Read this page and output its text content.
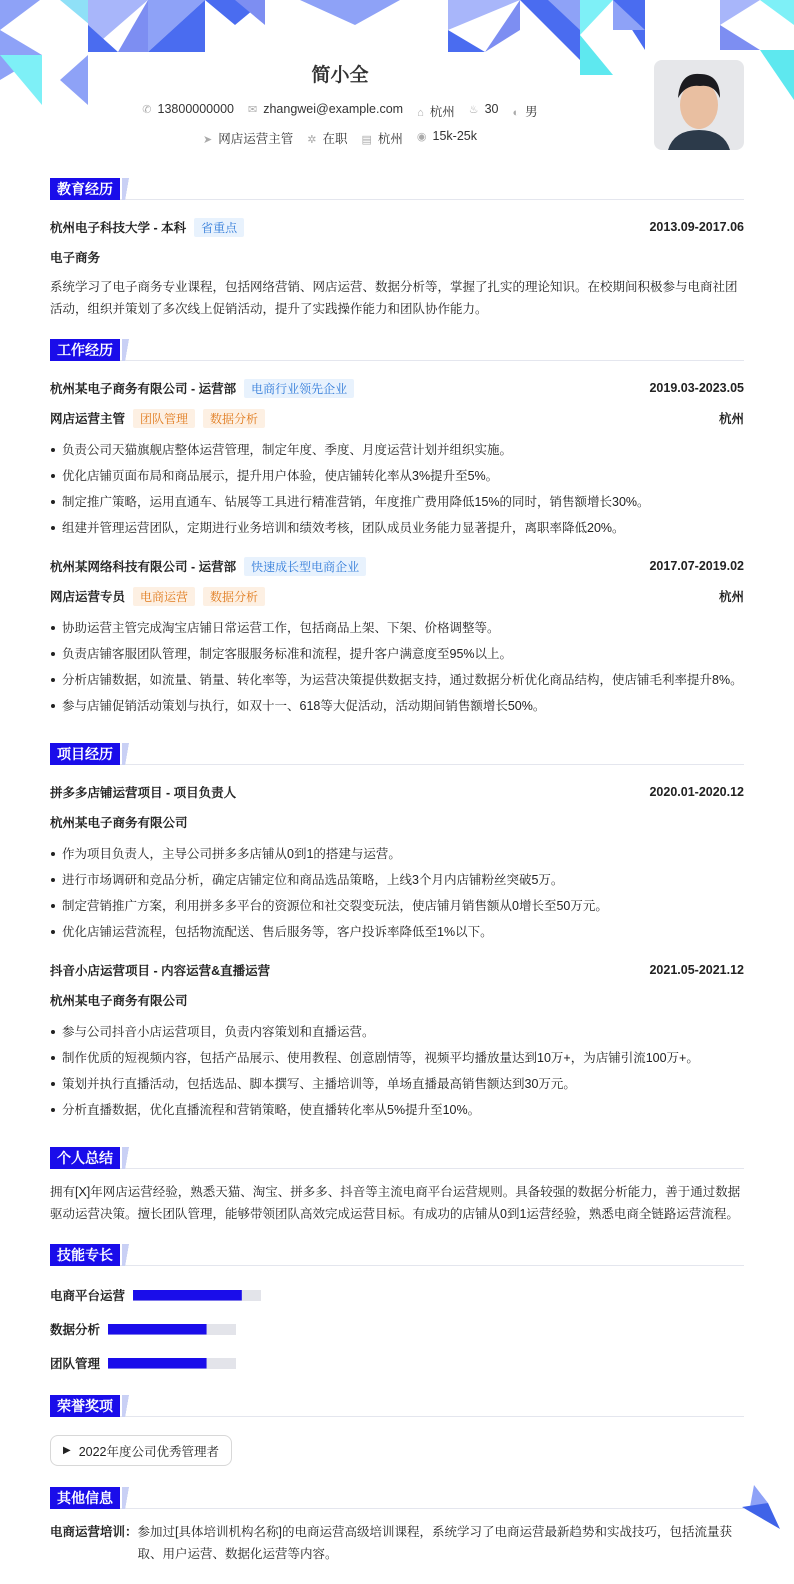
简小全
✆ 13800000000 ✉ zhangwei@example.com ⌂ 杭州 ♨ 30 ◐ 男
➤ 网店运营主管 ✲ 在职 ▤ 杭州 ◉ 15k-25k
教育经历
杭州电子科技大学 - 本科	省重点	2013.09-2017.06
电子商务
系统学习了电子商务专业课程，包括网络营销、网店运营、数据分析等，掌握了扎实的理论知识。在校期间积极参与电商社团活动，组织并策划了多次线上促销活动，提升了实践操作能力和团队协作能力。
工作经历
杭州某电子商务有限公司 - 运营部	电商行业领先企业	2019.03-2023.05
网店运营主管	团队管理	数据分析	杭州
负责公司天猫旗舰店整体运营管理，制定年度、季度、月度运营计划并组织实施。
优化店铺页面布局和商品展示，提升用户体验，使店铺转化率从3%提升至5%。
制定推广策略，运用直通车、钻展等工具进行精准营销，年度推广费用降低15%的同时，销售额增长30%。
组建并管理运营团队，定期进行业务培训和绩效考核，团队成员业务能力显著提升，离职率降低20%。
杭州某网络科技有限公司 - 运营部	快速成长型电商企业	2017.07-2019.02
网店运营专员	电商运营	数据分析	杭州
协助运营主管完成淘宝店铺日常运营工作，包括商品上架、下架、价格调整等。
负责店铺客服团队管理，制定客服服务标准和流程，提升客户满意度至95%以上。
分析店铺数据，如流量、销量、转化率等，为运营决策提供数据支持，通过数据分析优化商品结构，使店铺毛利率提升8%。
参与店铺促销活动策划与执行，如双十一、618等大促活动，活动期间销售额增长50%。
项目经历
拼多多店铺运营项目 - 项目负责人	2020.01-2020.12
杭州某电子商务有限公司
作为项目负责人，主导公司拼多多店铺从0到1的搭建与运营。
进行市场调研和竞品分析，确定店铺定位和商品选品策略，上线3个月内店铺粉丝突破5万。
制定营销推广方案，利用拼多多平台的资源位和社交裂变玩法，使店铺月销售额从0增长至50万元。
优化店铺运营流程，包括物流配送、售后服务等，客户投诉率降低至1%以下。
抖音小店运营项目 - 内容运营&直播运营	2021.05-2021.12
杭州某电子商务有限公司
参与公司抖音小店运营项目，负责内容策划和直播运营。
制作优质的短视频内容，包括产品展示、使用教程、创意剧情等，视频平均播放量达到10万+，为店铺引流100万+。
策划并执行直播活动，包括选品、脚本撰写、主播培训等，单场直播最高销售额达到30万元。
分析直播数据，优化直播流程和营销策略，使直播转化率从5%提升至10%。
个人总结
拥有[X]年网店运营经验，熟悉天猫、淘宝、拼多多、抖音等主流电商平台运营规则。具备较强的数据分析能力，善于通过数据驱动运营决策。擅长团队管理，能够带领团队高效完成运营目标。有成功的店铺从0到1运营经验，熟悉电商全链路运营流程。
技能专长
电商平台运营
数据分析
团队管理
荣誉奖项
▶ 2022年度公司优秀管理者
其他信息
电商运营培训： 参加过[具体培训机构名称]的电商运营高级培训课程，系统学习了电商运营最新趋势和实战技巧，包括流量获取、用户运营、数据化运营等内容。
